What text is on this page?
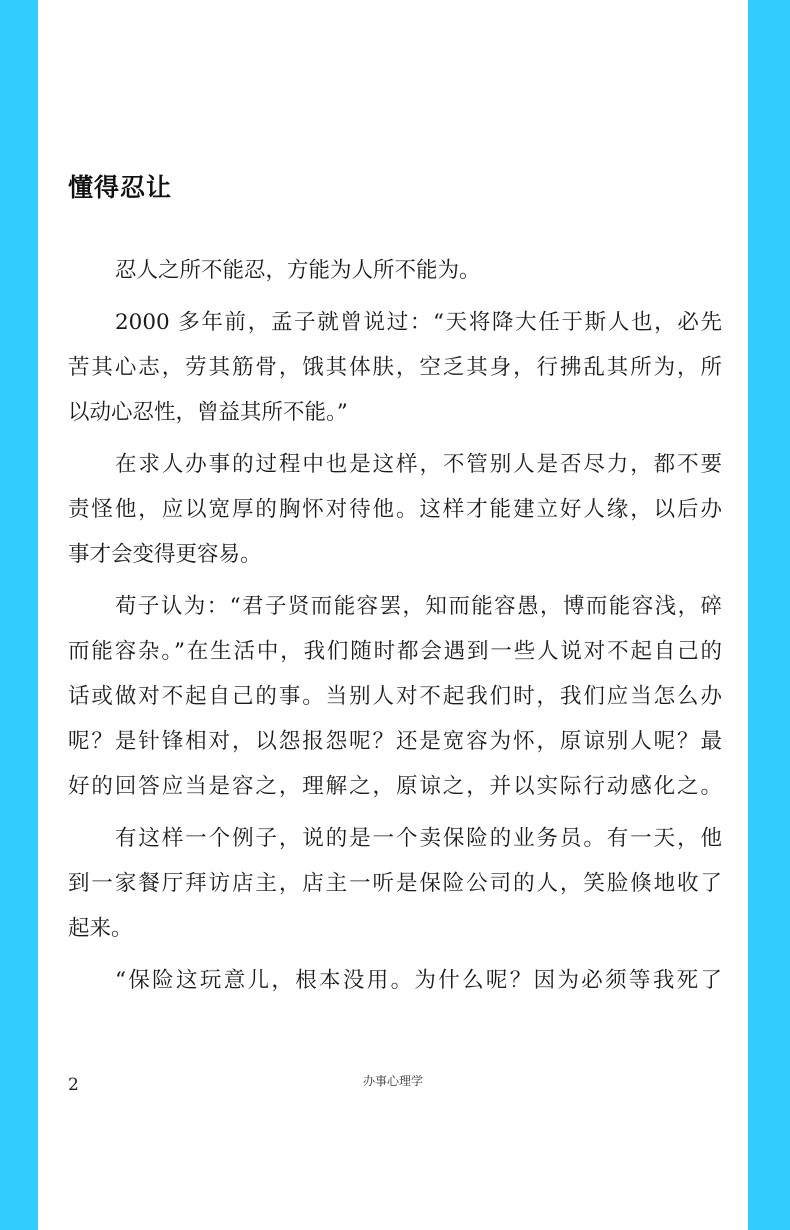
懂得忍让
忍人之所不能忍，方能为人所不能为。
2000 多年前，孟子就曾说过：“天将降大任于斯人也，必先
苦其心志，劳其筋骨，饿其体肤，空乏其身，行拂乱其所为，所
以动心忍性，曾益其所不能。”
在求人办事的过程中也是这样，不管别人是否尽力，都不要
责怪他，应以宽厚的胸怀对待他。这样才能建立好人缘，以后办
事才会变得更容易。
荀子认为：“君子贤而能容罢，知而能容愚，博而能容浅，碎
而能容杂。”在生活中，我们随时都会遇到一些人说对不起自己的
话或做对不起自己的事。当别人对不起我们时，我们应当怎么办
呢？是针锋相对，以怨报怨呢？还是宽容为怀，原谅别人呢？最
好的回答应当是容之，理解之，原谅之，并以实际行动感化之。
有这样一个例子，说的是一个卖保险的业务员。有一天，他
到一家餐厅拜访店主，店主一听是保险公司的人，笑脸倏地收了
起来。
“保险这玩意儿，根本没用。为什么呢？因为必须等我死了
2	办事心理学
